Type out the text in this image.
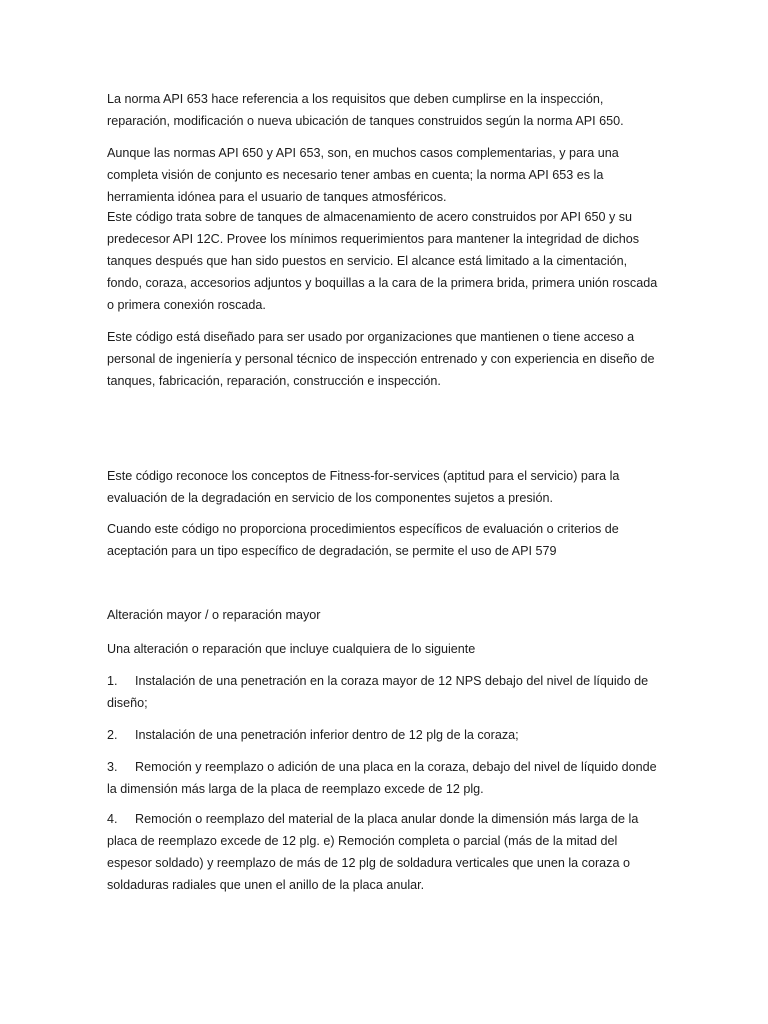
La norma API 653 hace referencia a los requisitos que deben cumplirse en la inspección, reparación, modificación o nueva ubicación de tanques construidos según la norma API 650.

Aunque las normas API 650 y API 653, son, en muchos casos complementarias, y para una completa visión de conjunto es necesario tener ambas en cuenta; la norma API 653 es la herramienta idónea para el usuario de tanques atmosféricos.

Este código trata sobre de tanques de almacenamiento de acero construidos por API 650 y su predecesor API 12C. Provee los mínimos requerimientos para mantener la integridad de dichos tanques después que han sido puestos en servicio. El alcance está limitado a la cimentación, fondo, coraza, accesorios adjuntos y boquillas a la cara de la primera brida, primera unión roscada o primera conexión roscada.

Este código está diseñado para ser usado por organizaciones que mantienen o tiene acceso a personal de ingeniería y personal técnico de inspección entrenado y con experiencia en diseño de tanques, fabricación, reparación, construcción e inspección.

Este código reconoce los conceptos de Fitness-for-services (aptitud para el servicio) para la evaluación de la degradación en servicio de los componentes sujetos a presión.

Cuando este código no proporciona procedimientos específicos de evaluación o criterios de aceptación para un tipo específico de degradación, se permite el uso de API 579

Alteración mayor / o reparación mayor

Una alteración o reparación que incluye cualquiera de lo siguiente

1. Instalación de una penetración en la coraza mayor de 12 NPS debajo del nivel de líquido de diseño;

2. Instalación de una penetración inferior dentro de 12 plg de la coraza;

3. Remoción y reemplazo o adición de una placa en la coraza, debajo del nivel de líquido donde la dimensión más larga de la placa de reemplazo excede de 12 plg.

4. Remoción o reemplazo del material de la placa anular donde la dimensión más larga de la placa de reemplazo excede de 12 plg. e) Remoción completa o parcial (más de la mitad del espesor soldado) y reemplazo de más de 12 plg de soldadura verticales que unen la coraza o soldaduras radiales que unen el anillo de la placa anular.
